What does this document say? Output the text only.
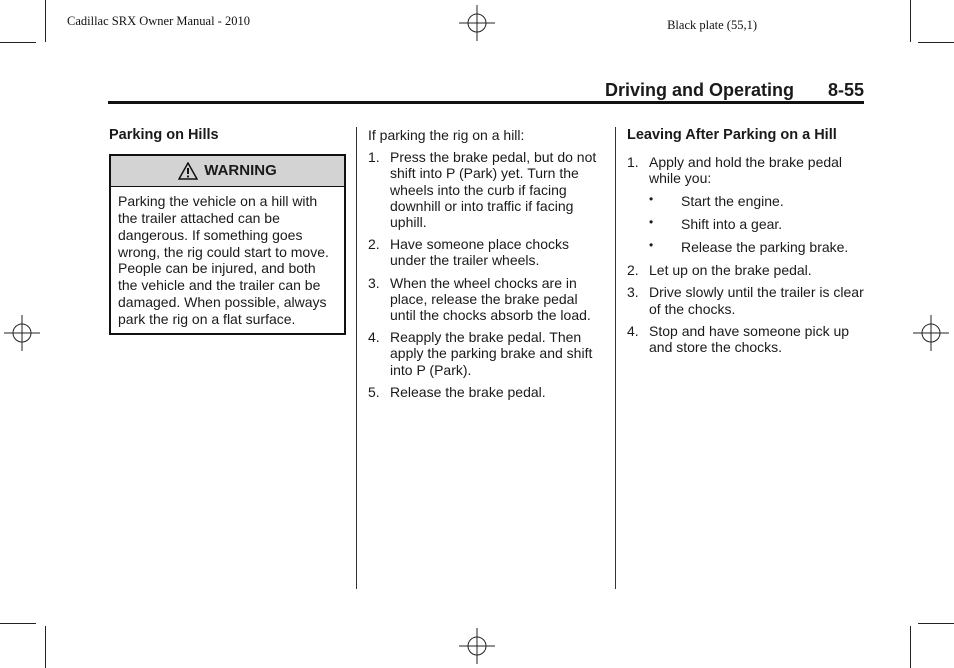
Cadillac SRX Owner Manual - 2010	Black plate (55,1)
Driving and Operating 8-55
Parking on Hills
WARNING
Parking the vehicle on a hill with the trailer attached can be dangerous. If something goes wrong, the rig could start to move. People can be injured, and both the vehicle and the trailer can be damaged. When possible, always park the rig on a flat surface.

If parking the rig on a hill:

1. Press the brake pedal, but do not shift into P (Park) yet. Turn the wheels into the curb if facing downhill or into traffic if facing uphill.
2. Have someone place chocks under the trailer wheels.
3. When the wheel chocks are in place, release the brake pedal until the chocks absorb the load.
4. Reapply the brake pedal. Then apply the parking brake and shift into P (Park).
5. Release the brake pedal.
Leaving After Parking on a Hill
1. Apply and hold the brake pedal while you:
• Start the engine.
• Shift into a gear.
• Release the parking brake.
2. Let up on the brake pedal.
3. Drive slowly until the trailer is clear of the chocks.
4. Stop and have someone pick up and store the chocks.
